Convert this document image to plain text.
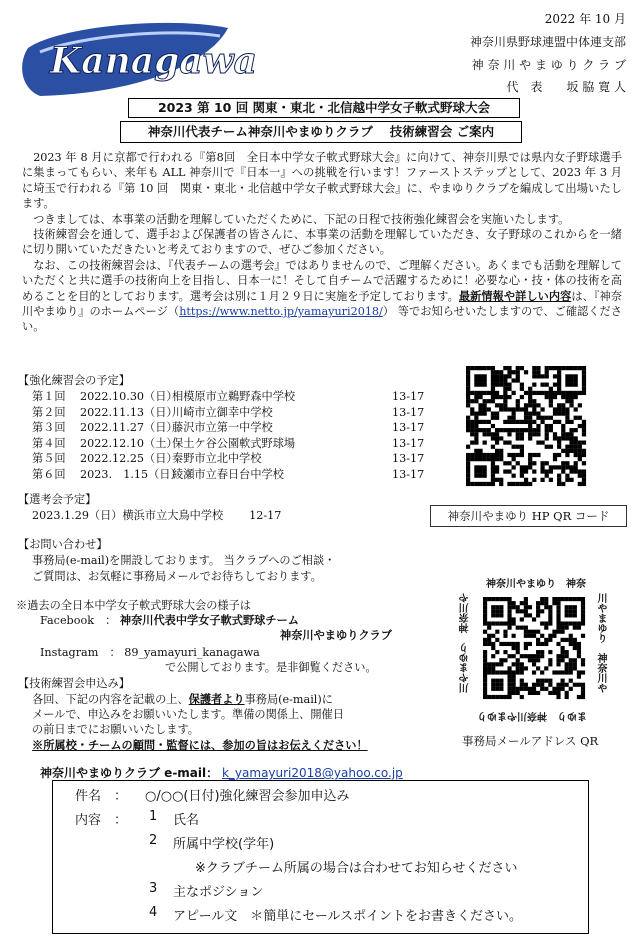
Kanagawa
2022 年 10 月
神奈川県野球連盟中体連支部
神 奈 川 や ま ゆ り ク ラ ブ
代　表　　坂 脇 寛 人
2023 第 10 回 関東・東北・北信越中学女子軟式野球大会
神奈川代表チーム神奈川やまゆりクラブ　 技術練習会 ご案内
2023 年 8 月に京都で行われる『第8回　全日本中学女子軟式野球大会』に向けて、神奈川県では県内女子野球選手に集まってもらい、来年も ALL 神奈川で『日本一』への挑戦を行います！ファーストステップとして、2023 年 3 月に埼玉で行われる『第 10 回　関東・東北・北信越中学女子軟式野球大会』に、やまゆりクラブを編成して出場いたします。
つきましては、本事業の活動を理解していただくために、下記の日程で技術強化練習会を実施いたします。
技術練習会を通して、選手および保護者の皆さんに、本事業の活動を理解していただき、女子野球のこれからを一緒に切り開いていただきたいと考えておりますので、ぜひご参加ください。
なお、この技術練習会は、『代表チームの選考会』ではありませんので、ご理解ください。あくまでも活動を理解していただくと共に選手の技術向上を目指し、日本一に！そして自チームで活躍するために！必要な心・技・体の技術を高めることを目的としております。選考会は別に１月２９日に実施を予定しております。最新情報や詳しい内容は、『神奈川やまゆり』のホームページ（https://www.netto.jp/yamayuri2018/） 等でお知らせいたしますので、ご確認ください。
【強化練習会の予定】
第１回 2022.10.30（日）相模原市立鵜野森中学校	13-17
第２回 2022.11.13（日）川崎市立御幸中学校	13-17
第３回 2022.11.27（日）藤沢市立第一中学校	13-17
第４回 2022.12.10（土）保土ケ谷公園軟式野球場	13-17
第５回 2022.12.25（日）秦野市立北中学校	13-17
第６回 2023.　1.15（日）綾瀬市立春日台中学校	13-17
【選考会予定】
2023.1.29（日）横浜市立大鳥中学校　　 12-17
【お問い合わせ】
事務局(e-mail)を開設しております。 当クラブへのご相談・
ご質問は、お気軽に事務局メールでお待ちしております。
※過去の全日本中学女子軟式野球大会の様子は
Facebook　： 神奈川代表中学女子軟式野球チーム
神奈川やまゆりクラブ
Instagram　： 89_yamayuri_kanagawa
で公開しております。是非御覧ください。
【技術練習会申込み】
各回、下記の内容を記載の上、保護者より事務局(e-mail)に
メールで、申込みをお願いいたします。準備の関係上、開催日
の前日までにお願いいたします。
※所属校・チームの顧問・監督には、参加の旨はお伝えください！
神奈川やまゆり HP QR コード
神奈川やまゆり　神奈
川やまゆり　神奈川や
まゆり　神奈川やまゆり
川やまゆり　神奈川や
事務局メールアドレス QR
神奈川やまゆりクラブ e-mail： k_yamayuri2018@yahoo.co.jp
件名　： ○/○○(日付)強化練習会参加申込み
内容　： 1 氏名
2 所属中学校(学年)
※クラブチーム所属の場合は合わせてお知らせください
3 主なポジション
4 アピール文　＊簡単にセールスポイントをお書きください。
